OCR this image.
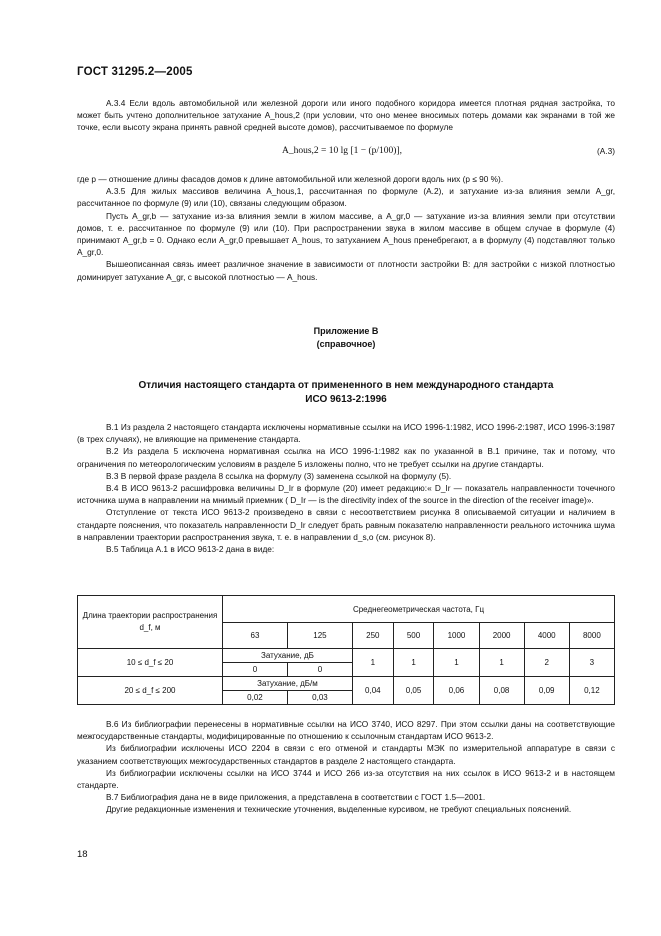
ГОСТ 31295.2—2005

А.3.4 Если вдоль автомобильной или железной дороги или иного подобного коридора имеется плотная рядная застройка, то может быть учтено дополнительное затухание A_hous,2 (при условии, что оно менее вносимых потерь домами как экранами в той же точке, если высоту экрана принять равной средней высоте домов), рассчитываемое по формуле

A_hous,2 = 10 lg [1 − (p/100)],	(А.3)

где p — отношение длины фасадов домов к длине автомобильной или железной дороги вдоль них (p ≤ 90 %).

А.3.5 Для жилых массивов величина A_hous,1, рассчитанная по формуле (А.2), и затухание из-за влияния земли A_gr, рассчитанное по формуле (9) или (10), связаны следующим образом.

Пусть A_gr,b — затухание из-за влияния земли в жилом массиве, а A_gr,0 — затухание из-за влияния земли при отсутствии домов, т. е. рассчитанное по формуле (9) или (10). При распространении звука в жилом массиве в общем случае в формуле (4) принимают A_gr,b = 0. Однако если A_gr,0 превышает A_hous, то затуханием A_hous пренебрегают, а в формулу (4) подставляют только A_gr,0.

Вышеописанная связь имеет различное значение в зависимости от плотности застройки B: для застройки с низкой плотностью доминирует затухание A_gr, с высокой плотностью — A_hous.

Приложение В
(справочное)
Отличия настоящего стандарта от примененного в нем международного стандарта
ИСО 9613-2:1996

В.1 Из раздела 2 настоящего стандарта исключены нормативные ссылки на ИСО 1996-1:1982, ИСО 1996-2:1987, ИСО 1996-3:1987 (в трех случаях), не влияющие на применение стандарта.

В.2 Из раздела 5 исключена нормативная ссылка на ИСО 1996-1:1982 как по указанной в В.1 причине, так и потому, что ограничения по метеорологическим условиям в разделе 5 изложены полно, что не требует ссылки на другие стандарты.

В.3 В первой фразе раздела 8 ссылка на формулу (3) заменена ссылкой на формулу (5).

В.4 В ИСО 9613-2 расшифровка величины D_Ir в формуле (20) имеет редакцию:« D_Ir — показатель направленности точечного источника шума в направлении на мнимый приемник ( D_Ir — is the directivity index of the source in the direction of the receiver image)».

Отступление от текста ИСО 9613-2 произведено в связи с несоответствием рисунка 8 описываемой ситуации и наличием в стандарте пояснения, что показатель направленности D_Ir следует брать равным показателю направленности реального источника шума в направлении траектории распространения звука, т. е. в направлении d_s,o (см. рисунок 8).

В.5 Таблица А.1 в ИСО 9613-2 дана в виде:

Длина траектории распространения d_f, м	Среднегеометрическая частота, Гц							
	63	125	250	500	1000	2000	4000	8000
10 ≤ d_f ≤ 20	Затухание, дБ		1	1	1	1	2	3
	0	0						
20 ≤ d_f ≤ 200	Затухание, дБ/м		0,04	0,05	0,06	0,08	0,09	0,12
	0,02	0,03						

В.6 Из библиографии перенесены в нормативные ссылки на ИСО 3740, ИСО 8297. При этом ссылки даны на соответствующие межгосударственные стандарты, модифицированные по отношению к ссылочным стандартам ИСО 9613-2.

Из библиографии исключены ИСО 2204 в связи с его отменой и стандарты МЭК по измерительной аппаратуре в связи с указанием соответствующих межгосударственных стандартов в разделе 2 настоящего стандарта.

Из библиографии исключены ссылки на ИСО 3744 и ИСО 266 из-за отсутствия на них ссылок в ИСО 9613-2 и в настоящем стандарте.

В.7 Библиография дана не в виде приложения, а представлена в соответствии с ГОСТ 1.5—2001.

Другие редакционные изменения и технические уточнения, выделенные курсивом, не требуют специальных пояснений.

18
